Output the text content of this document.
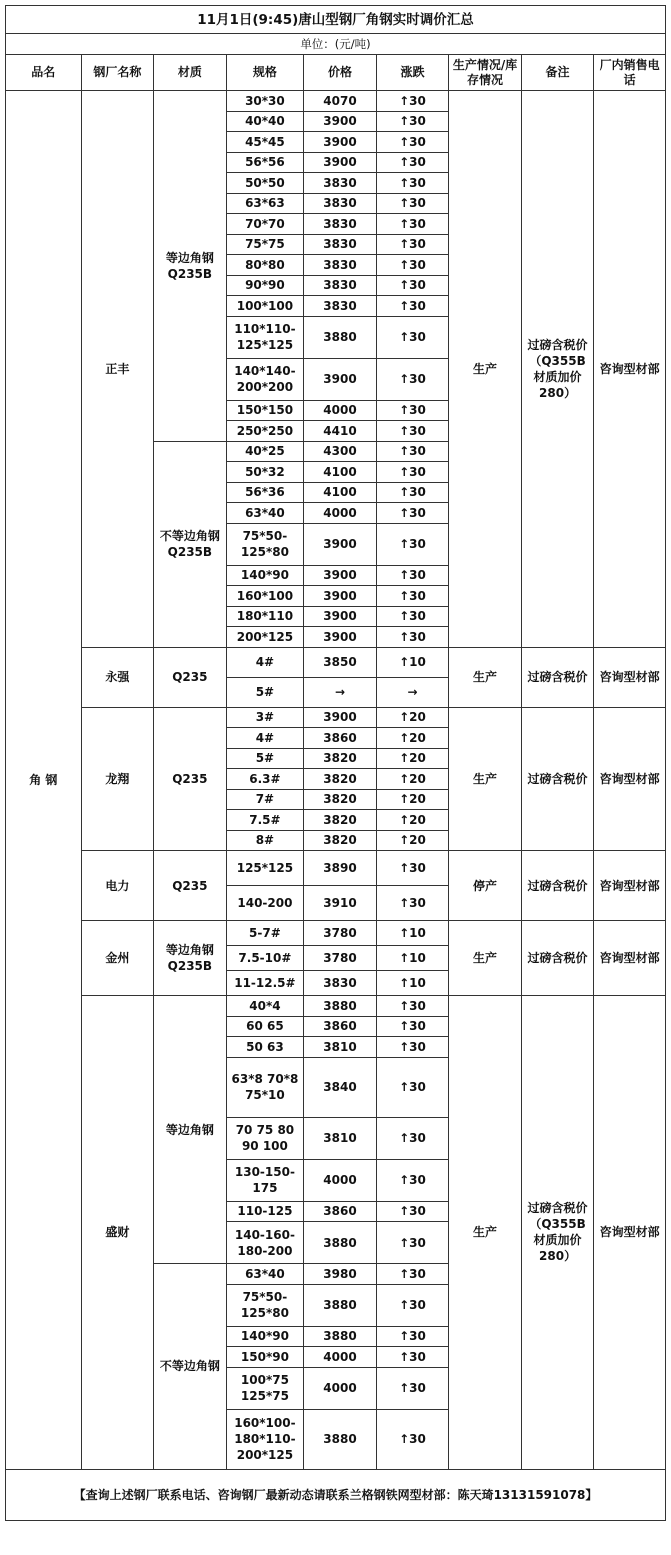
11月1日(9:45)唐山型钢厂角钢实时调价汇总								
单位：(元/吨)								
品名	钢厂名称	材质	规格	价格	涨跌	生产情况/库存情况	备注	厂内销售电话
角 钢	正丰	等边角钢Q235B	30*30	4070	↑30	生产	过磅含税价（Q355B材质加价280）	咨询型材部
			40*40	3900	↑30			
			45*45	3900	↑30			
			56*56	3900	↑30			
			50*50	3830	↑30			
			63*63	3830	↑30			
			70*70	3830	↑30			
			75*75	3830	↑30			
			80*80	3830	↑30			
			90*90	3830	↑30			
			100*100	3830	↑30			
			110*110-125*125	3880	↑30			
			140*140-200*200	3900	↑30			
			150*150	4000	↑30			
			250*250	4410	↑30			
		不等边角钢Q235B	40*25	4300	↑30			
			50*32	4100	↑30			
			56*36	4100	↑30			
			63*40	4000	↑30			
			75*50-125*80	3900	↑30			
			140*90	3900	↑30			
			160*100	3900	↑30			
			180*110	3900	↑30			
			200*125	3900	↑30			
	永强	Q235	4#	3850	↑10	生产	过磅含税价	咨询型材部
			5#	→	→			
	龙翔	Q235	3#	3900	↑20	生产	过磅含税价	咨询型材部
			4#	3860	↑20			
			5#	3820	↑20			
			6.3#	3820	↑20			
			7#	3820	↑20			
			7.5#	3820	↑20			
			8#	3820	↑20			
	电力	Q235	125*125	3890	↑30	停产	过磅含税价	咨询型材部
			140-200	3910	↑30			
	金州	等边角钢Q235B	5-7#	3780	↑10	生产	过磅含税价	咨询型材部
			7.5-10#	3780	↑10			
			11-12.5#	3830	↑10			
	盛财	等边角钢	40*4	3880	↑30	生产	过磅含税价（Q355B材质加价280）	咨询型材部
			60 65	3860	↑30			
			50 63	3810	↑30			
			63*8 70*8 75*10	3840	↑30			
			70 75 80 90 100	3810	↑30			
			130-150-175	4000	↑30			
			110-125	3860	↑30			
			140-160-180-200	3880	↑30			
		不等边角钢	63*40	3980	↑30			
			75*50-125*80	3880	↑30			
			140*90	3880	↑30			
			150*90	4000	↑30			
			100*75 125*75	4000	↑30			
			160*100-180*110-200*125	3880	↑30			
【查询上述钢厂联系电话、咨询钢厂最新动态请联系兰格钢铁网型材部：陈天琦13131591078】								
